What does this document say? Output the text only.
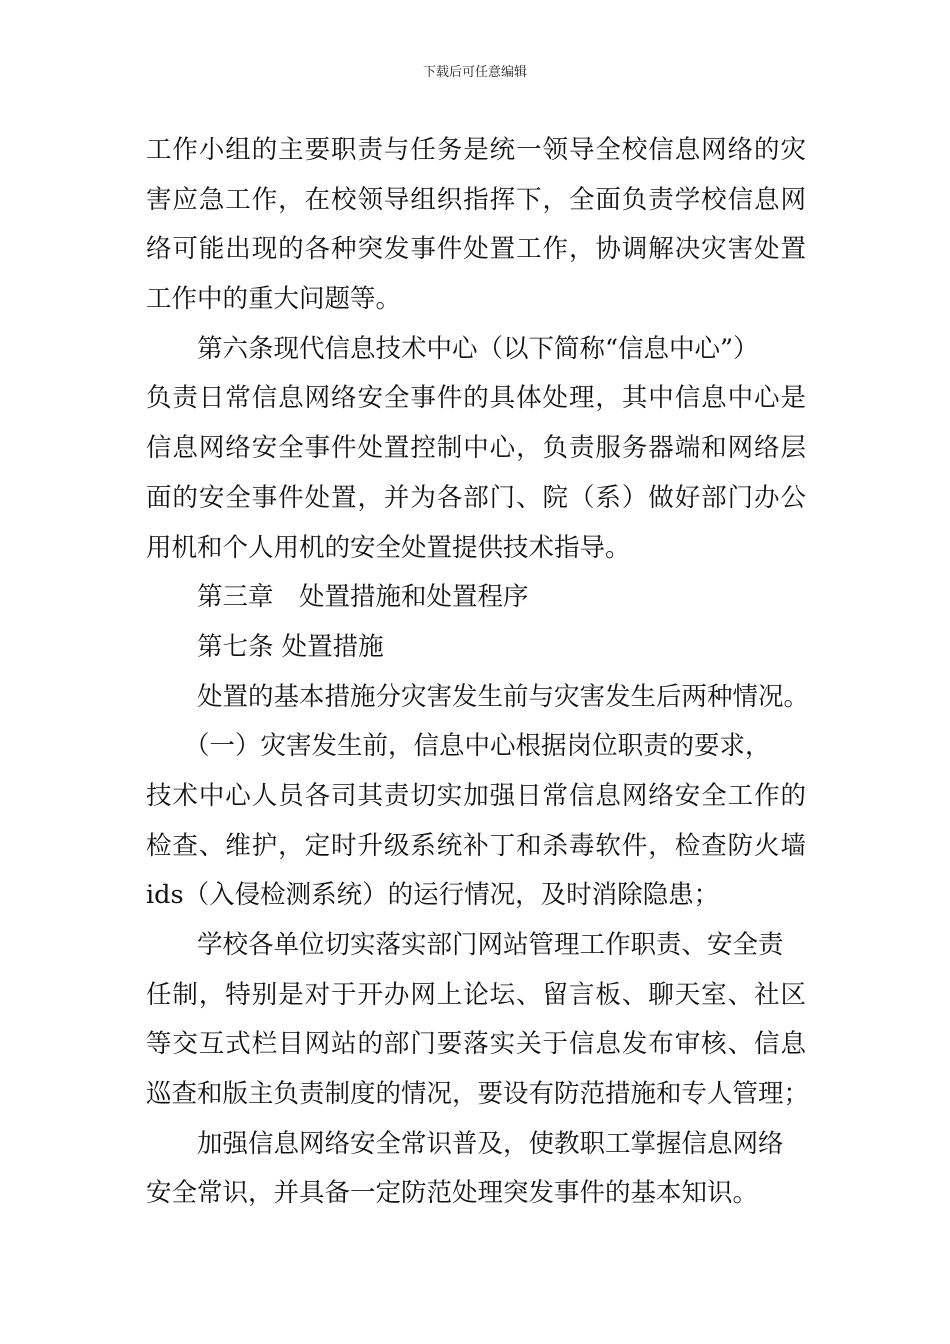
下载后可任意编辑
工作小组的主要职责与任务是统一领导全校信息网络的灾
害应急工作，在校领导组织指挥下，全面负责学校信息网
络可能出现的各种突发事件处置工作，协调解决灾害处置
工作中的重大问题等。
第六条现代信息技术中心（以下简称“信息中心”）
负责日常信息网络安全事件的具体处理，其中信息中心是
信息网络安全事件处置控制中心，负责服务器端和网络层
面的安全事件处置，并为各部门、院（系）做好部门办公
用机和个人用机的安全处置提供技术指导。
第三章　处置措施和处置程序
第七条 处置措施
处置的基本措施分灾害发生前与灾害发生后两种情况。
（一）灾害发生前，信息中心根据岗位职责的要求，
技术中心人员各司其责切实加强日常信息网络安全工作的
检查、维护，定时升级系统补丁和杀毒软件，检查防火墙
ids（入侵检测系统）的运行情况，及时消除隐患；
学校各单位切实落实部门网站管理工作职责、安全责
任制，特别是对于开办网上论坛、留言板、聊天室、社区
等交互式栏目网站的部门要落实关于信息发布审核、信息
巡查和版主负责制度的情况，要设有防范措施和专人管理；
加强信息网络安全常识普及，使教职工掌握信息网络
安全常识，并具备一定防范处理突发事件的基本知识。
